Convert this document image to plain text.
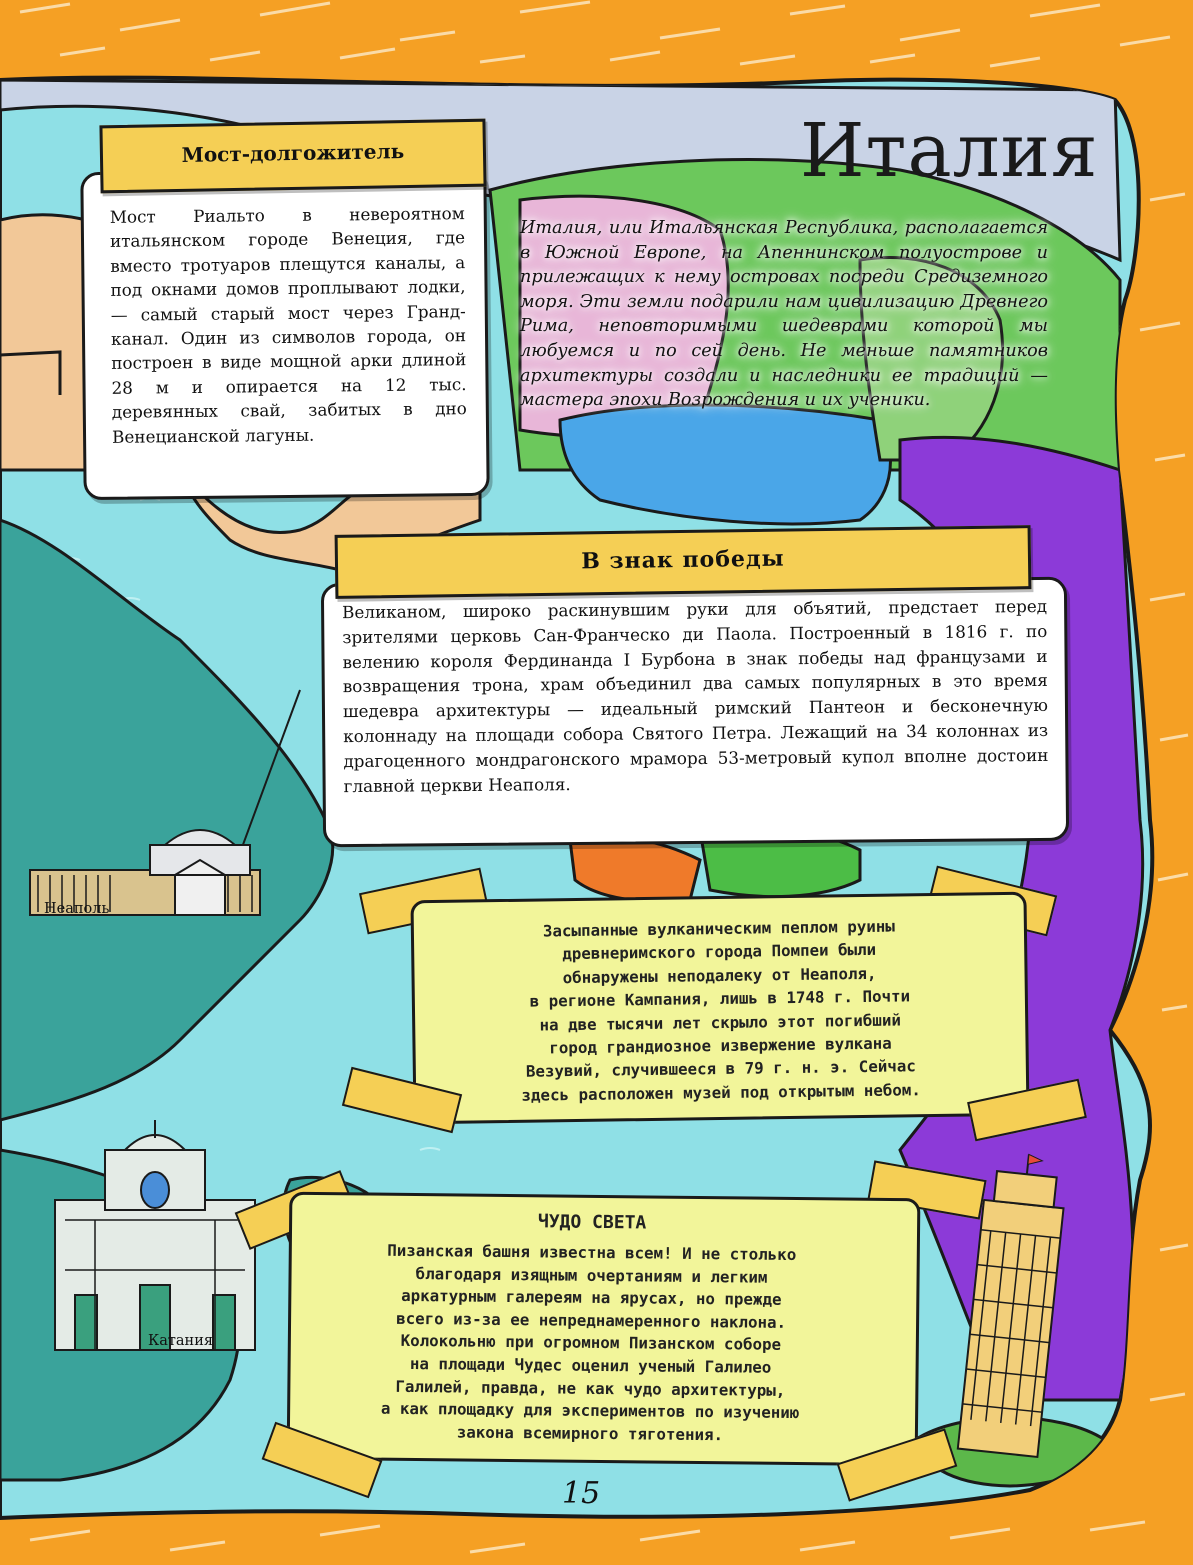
Италия

Италия, или Итальянская Республика, располагается в Южной Европе, на Апеннинском полуострове и прилежащих к нему островах посреди Средиземного моря. Эти земли подарили нам цивилизацию Древнего Рима, неповторимыми шедеврами которой мы любуемся и по сей день. Не меньше памятников архитектуры создали и наследники ее традиций — мастера эпохи Возрождения и их ученики.

Мост Риальто в невероятном итальянском городе Венеция, где вместо тротуаров плещутся каналы, а под окнами домов проплывают лодки, — самый старый мост через Гранд-канал. Один из символов города, он построен в виде мощной арки длиной 28 м и опирается на 12 тыс. деревянных свай, забитых в дно Венецианской лагуны.

Мост-долгожитель

Великаном, широко раскинувшим руки для объятий, предстает перед зрителями церковь Сан-Франческо ди Паола. Построенный в 1816 г. по велению короля Фердинанда I Бурбона в знак победы над французами и возвращения трона, храм объединил два самых популярных в это время шедевра архитектуры — идеальный римский Пантеон и бесконечную колоннаду на площади собора Святого Петра. Лежащий на 34 колоннах из драгоценного мондрагонского мрамора 53-метровый купол вполне достоин главной церкви Неаполя.

В знак победы

Засыпанные вулканическим пеплом руины

древнеримского города Помпеи были

обнаружены неподалеку от Неаполя,

в регионе Кампания, лишь в 1748 г. Почти

на две тысячи лет скрыло этот погибший

город грандиозное извержение вулкана

Везувий, случившееся в 79 г. н. э. Сейчас

здесь расположен музей под открытым небом.

ЧУДО СВЕТА

Пизанская башня известна всем! И не столько

благодаря изящным очертаниям и легким

аркатурным галереям на ярусах, но прежде

всего из-за ее непреднамеренного наклона.

Колокольню при огромном Пизанском соборе

на площади Чудес оценил ученый Галилео

Галилей, правда, не как чудо архитектуры,

а как площадку для экспериментов по изучению

закона всемирного тяготения.

Неаполь
Катания
15
